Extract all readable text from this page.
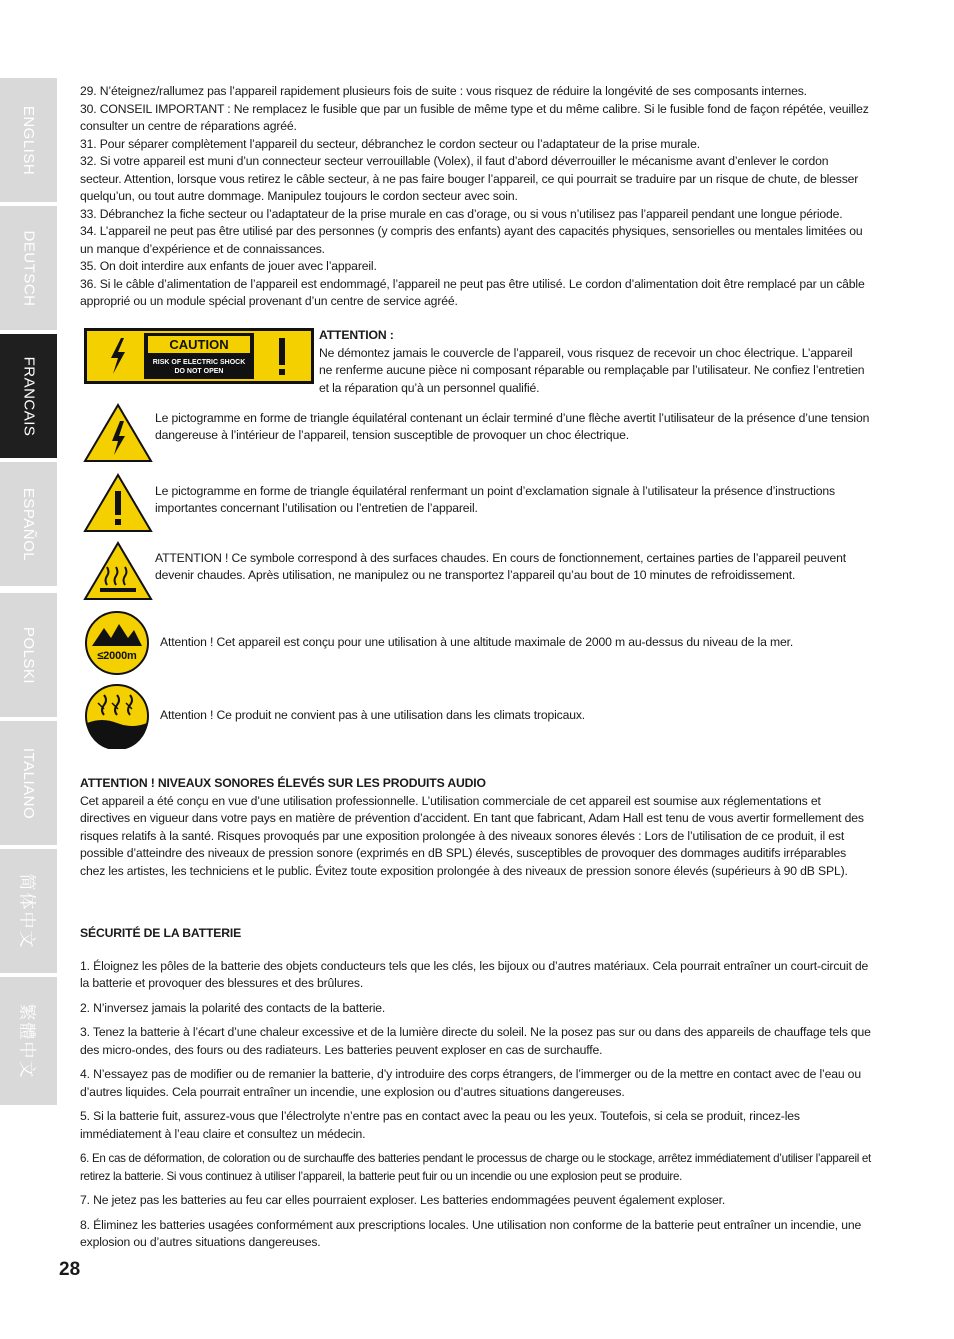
ENGLISH
DEUTSCH
FRANCAIS
ESPAÑOL
POLSKI
ITALIANO
简体中文
繁體中文

29. N’éteignez/rallumez pas l’appareil rapidement plusieurs fois de suite : vous risquez de réduire la longévité de ses composants internes.

30. CONSEIL IMPORTANT : Ne remplacez le fusible que par un fusible de même type et du même calibre. Si le fusible fond de façon répétée, veuillez consulter un centre de réparations agréé.

31. Pour séparer complètement l’appareil du secteur, débranchez le cordon secteur ou l’adaptateur de la prise murale.

32. Si votre appareil est muni d’un connecteur secteur verrouillable (Volex), il faut d’abord déverrouiller le mécanisme avant d’enlever le cordon secteur. Attention, lorsque vous retirez le câble secteur, à ne pas faire bouger l’appareil, ce qui pourrait se traduire par un risque de chute, de blesser quelqu’un, ou tout autre dommage. Manipulez toujours le cordon secteur avec soin.

33. Débranchez la fiche secteur ou l’adaptateur de la prise murale en cas d’orage, ou si vous n’utilisez pas l’appareil pendant une longue période.

34. L’appareil ne peut pas être utilisé par des personnes (y compris des enfants) ayant des capacités physiques, sensorielles ou mentales limitées ou un manque d’expérience et de connaissances.

35. On doit interdire aux enfants de jouer avec l’appareil.

36. Si le câble d’alimentation de l’appareil est endommagé, l’appareil ne peut pas être utilisé. Le cordon d’alimentation doit être remplacé par un câble approprié ou un module spécial provenant d’un centre de service agréé.

CAUTION
RISK OF ELECTRIC SHOCK
DO NOT OPEN
ATTENTION :
Ne démontez jamais le couvercle de l’appareil, vous risquez de recevoir un choc électrique. L’appareil ne renferme aucune pièce ni composant réparable ou remplaçable par l’utilisateur. Ne confiez l’entretien et la réparation qu’à un personnel qualifié.
Le pictogramme en forme de triangle équilatéral contenant un éclair terminé d’une flèche avertit l’utilisateur de la présence d’une tension dangereuse à l’intérieur de l’appareil, tension susceptible de provoquer un choc électrique.
Le pictogramme en forme de triangle équilatéral renfermant un point d’exclamation signale à l’utilisateur la présence d’instructions importantes concernant l’utilisation ou l’entretien de l’appareil.
ATTENTION ! Ce symbole correspond à des surfaces chaudes. En cours de fonctionnement, certaines parties de l’appareil peuvent devenir chaudes. Après utilisation, ne manipulez ou ne transportez l’appareil qu’au bout de 10 minutes de refroidissement.
≤2000m
Attention ! Cet appareil est conçu pour une utilisation à une altitude maximale de 2000 m au-dessus du niveau de la mer.
Attention ! Ce produit ne convient pas à une utilisation dans les climats tropicaux.
ATTENTION ! NIVEAUX SONORES ÉLEVÉS SUR LES PRODUITS AUDIO
Cet appareil a été conçu en vue d’une utilisation professionnelle. L’utilisation commerciale de cet appareil est soumise aux réglementations et directives en vigueur dans votre pays en matière de prévention d’accident. En tant que fabricant, Adam Hall est tenu de vous avertir formellement des risques relatifs à la santé. Risques provoqués par une exposition prolongée à des niveaux sonores élevés : Lors de l’utilisation de ce produit, il est possible d’atteindre des niveaux de pression sonore (exprimés en dB SPL) élevés, susceptibles de provoquer des dommages auditifs irréparables chez les artistes, les techniciens et le public. Évitez toute exposition prolongée à des niveaux de pression sonore élevés (supérieurs à 90 dB SPL).

SÉCURITÉ DE LA BATTERIE

1. Éloignez les pôles de la batterie des objets conducteurs tels que les clés, les bijoux ou d’autres matériaux. Cela pourrait entraîner un court-circuit de la batterie et provoquer des blessures et des brûlures.

2. N’inversez jamais la polarité des contacts de la batterie.

3. Tenez la batterie à l’écart d’une chaleur excessive et de la lumière directe du soleil. Ne la posez pas sur ou dans des appareils de chauffage tels que des micro-ondes, des fours ou des radiateurs. Les batteries peuvent exploser en cas de surchauffe.

4. N’essayez pas de modifier ou de remanier la batterie, d’y introduire des corps étrangers, de l’immerger ou de la mettre en contact avec de l’eau ou d’autres liquides. Cela pourrait entraîner un incendie, une explosion ou d’autres situations dangereuses.

5. Si la batterie fuit, assurez-vous que l’électrolyte n’entre pas en contact avec la peau ou les yeux. Toutefois, si cela se produit, rincez-les immédiatement à l’eau claire et consultez un médecin.

6. En cas de déformation, de coloration ou de surchauffe des batteries pendant le processus de charge ou le stockage, arrêtez immédiatement d’utiliser l’appareil et retirez la batterie. Si vous continuez à utiliser l’appareil, la batterie peut fuir ou un incendie ou une explosion peut se produire.

7. Ne jetez pas les batteries au feu car elles pourraient exploser. Les batteries endommagées peuvent également exploser.

8. Éliminez les batteries usagées conformément aux prescriptions locales. Une utilisation non conforme de la batterie peut entraîner un incendie, une explosion ou d’autres situations dangereuses.

28
